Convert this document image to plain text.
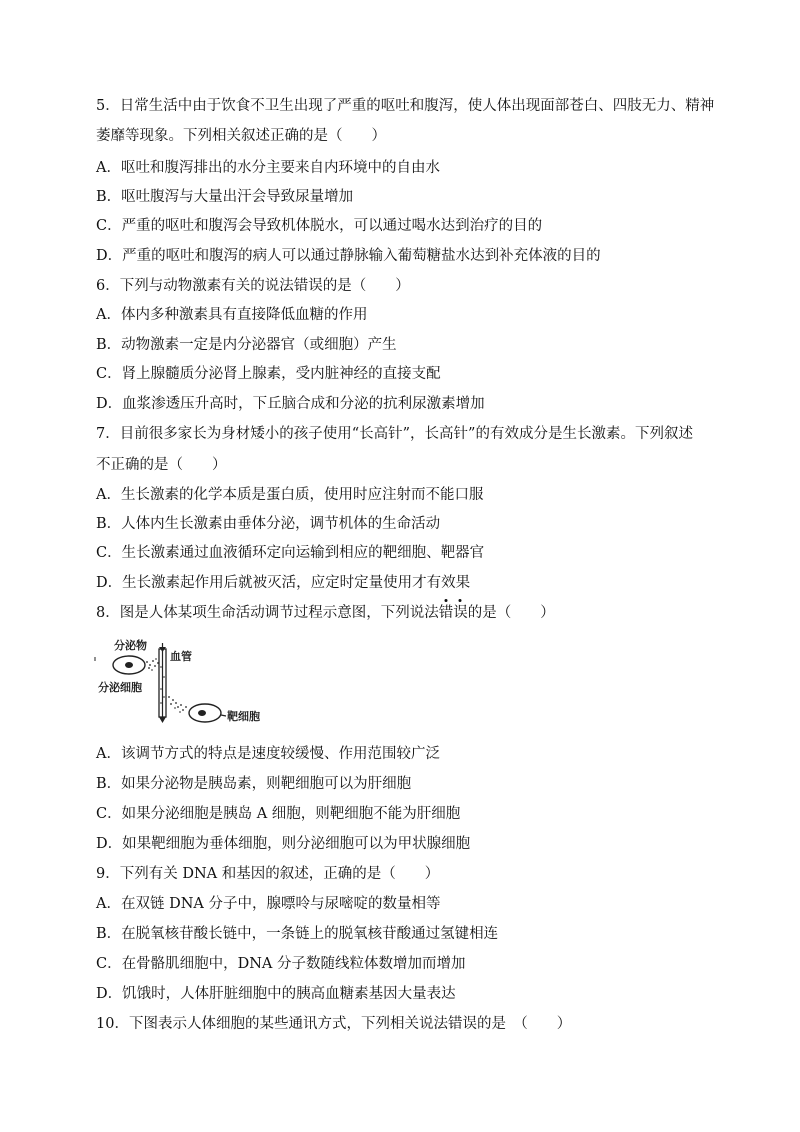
5．日常生活中由于饮食不卫生出现了严重的呕吐和腹泻，使人体出现面部苍白、四肢无力、精神
萎靡等现象。下列相关叙述正确的是（　　）
A．呕吐和腹泻排出的水分主要来自内环境中的自由水
B．呕吐腹泻与大量出汗会导致尿量增加
C．严重的呕吐和腹泻会导致机体脱水，可以通过喝水达到治疗的目的
D．严重的呕吐和腹泻的病人可以通过静脉输入葡萄糖盐水达到补充体液的目的
6．下列与动物激素有关的说法错误的是（　　）
A．体内多种激素具有直接降低血糖的作用
B．动物激素一定是内分泌器官（或细胞）产生
C．肾上腺髓质分泌肾上腺素，受内脏神经的直接支配
D．血浆渗透压升高时，下丘脑合成和分泌的抗利尿激素增加
7．目前很多家长为身材矮小的孩子使用“长高针”，长高针”的有效成分是生长激素。下列叙述
不正确的是（　　）
A．生长激素的化学本质是蛋白质，使用时应注射而不能口服
B．人体内生长激素由垂体分泌，调节机体的生命活动
C．生长激素通过血液循环定向运输到相应的靶细胞、靶器官
D．生长激素起作用后就被灭活，应定时定量使用才有效果
8．图是人体某项生命活动调节过程示意图，下列说法错误的是（　　）
分泌物
血管
分泌细胞
靶细胞
A．该调节方式的特点是速度较缓慢、作用范围较广泛
B．如果分泌物是胰岛素，则靶细胞可以为肝细胞
C．如果分泌细胞是胰岛 A 细胞，则靶细胞不能为肝细胞
D．如果靶细胞为垂体细胞，则分泌细胞可以为甲状腺细胞
9．下列有关 DNA 和基因的叙述，正确的是（　　）
A．在双链 DNA 分子中，腺嘌呤与尿嘧啶的数量相等
B．在脱氧核苷酸长链中，一条链上的脱氧核苷酸通过氢键相连
C．在骨骼肌细胞中，DNA 分子数随线粒体数增加而增加
D．饥饿时，人体肝脏细胞中的胰高血糖素基因大量表达
10．下图表示人体细胞的某些通讯方式，下列相关说法错误的是　（　　）
